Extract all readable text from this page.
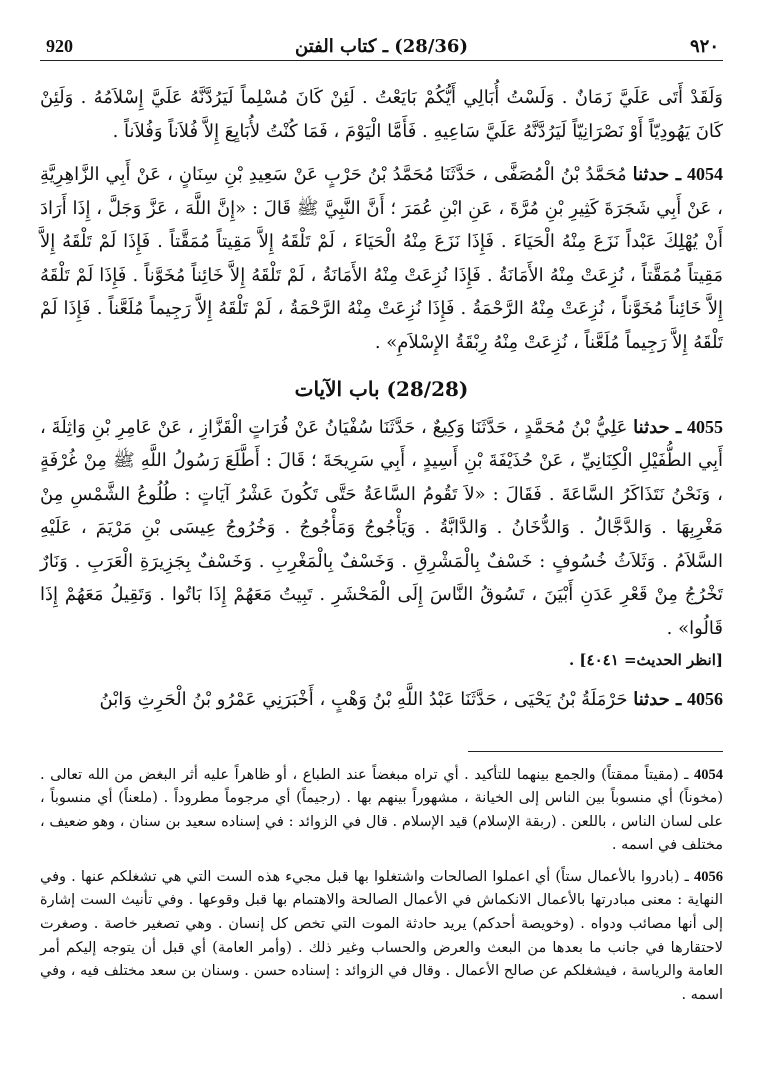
920	(28/36) ـ كتاب الفتن	٩٢٠

وَلَقَدْ أَتَى عَلَيَّ زَمَانٌ . وَلَسْتُ أُبَالِي أَيُّكُمْ بَايَعْتُ . لَئِنْ كَانَ مُسْلِماً لَيَرُدَّنَّهُ عَلَيَّ إِسْلاَمُهُ . وَلَئِنْ كَانَ يَهُودِيّاً أَوْ نَصْرَانِيّاً لَيَرُدَّنَّهُ عَلَيَّ سَاعِيهِ . فَأَمَّا الْيَوْمَ ، فَمَا كُنْتُ لأُبَايِعَ إِلاَّ فُلاَناً وَفُلاَناً .

4054 ـ حدثنا مُحَمَّدُ بْنُ الْمُصَفَّى ، حَدَّثَنَا مُحَمَّدُ بْنُ حَرْبٍ عَنْ سَعِيدِ بْنِ سِنَانٍ ، عَنْ أَبِي الزَّاهِرِيَّةِ ، عَنْ أَبِي شَجَرَةَ كَثِيرِ بْنِ مُرَّةَ ، عَنِ ابْنِ عُمَرَ ؛ أَنَّ النَّبِيَّ ﷺ قَالَ : «إِنَّ اللَّهَ ، عَزَّ وَجَلَّ ، إِذَا أَرَادَ أَنْ يُهْلِكَ عَبْداً نَزَعَ مِنْهُ الْحَيَاءَ . فَإِذَا نَزَعَ مِنْهُ الْحَيَاءَ ، لَمْ تَلْقَهُ إِلاَّ مَقِيتاً مُمَقَّتاً . فَإِذَا لَمْ تَلْقَهُ إِلاَّ مَقِيتاً مُمَقَّتاً ، نُزِعَتْ مِنْهُ الأَمَانَةُ . فَإِذَا نُزِعَتْ مِنْهُ الأَمَانَةُ ، لَمْ تَلْقَهُ إِلاَّ خَائِناً مُخَوَّناً . فَإِذَا لَمْ تَلْقَهُ إِلاَّ خَائِناً مُخَوَّناً ، نُزِعَتْ مِنْهُ الرَّحْمَةُ . فَإِذَا نُزِعَتْ مِنْهُ الرَّحْمَةُ ، لَمْ تَلْقَهُ إِلاَّ رَجِيماً مُلَعَّناً . فَإِذَا لَمْ تَلْقَهُ إِلاَّ رَجِيماً مُلَعَّناً ، نُزِعَتْ مِنْهُ رِبْقَةُ الإِسْلاَمِ» .

(28/28) باب الآيات

4055 ـ حدثنا عَلِيُّ بْنُ مُحَمَّدٍ ، حَدَّثَنَا وَكِيعٌ ، حَدَّثَنَا سُفْيَانُ عَنْ فُرَاتٍ الْقَزَّازِ ، عَنْ عَامِرِ بْنِ وَاثِلَةَ ، أَبِي الطُّفَيْلِ الْكِنَانِيِّ ، عَنْ حُذَيْفَةَ بْنِ أَسِيدٍ ، أَبِي سَرِيحَةَ ؛ قَالَ : أَطَّلَعَ رَسُولُ اللَّهِ ﷺ مِنْ غُرْفَةٍ ، وَنَحْنُ نَتَذَاكَرُ السَّاعَةَ . فَقَالَ : «لاَ تَقُومُ السَّاعَةُ حَتَّى تَكُونَ عَشْرُ آيَاتٍ : طُلُوعُ الشَّمْسِ مِنْ مَغْرِبِهَا . وَالدَّجَّالُ . وَالدُّخَانُ . وَالدَّابَّةُ . وَيَأْجُوجُ وَمَأْجُوجُ . وَخُرُوجُ عِيسَى بْنِ مَرْيَمَ ، عَلَيْهِ السَّلاَمُ . وَثَلاَثُ خُسُوفٍ : خَسْفٌ بِالْمَشْرِقِ . وَخَسْفٌ بِالْمَغْرِبِ . وَخَسْفٌ بِجَزِيرَةِ الْعَرَبِ . وَنَارٌ تَخْرُجُ مِنْ قَعْرِ عَدَنِ أَبْيَنَ ، تَسُوقُ النَّاسَ إِلَى الْمَحْشَرِ . تَبِيتُ مَعَهُمْ إِذَا بَاتُوا . وَتَقِيلُ مَعَهُمْ إِذَا قَالُوا» .

[انظر الحديث= ٤٠٤١] .

4056 ـ حدثنا حَرْمَلَةُ بْنُ يَحْيَى ، حَدَّثَنَا عَبْدُ اللَّهِ بْنُ وَهْبٍ ، أَخْبَرَنِي عَمْرُو بْنُ الْحَرِثِ وَابْنُ

4054 ـ (مقيتاً ممقتاً) والجمع بينهما للتأكيد . أي تراه مبغضاً عند الطباع ، أو ظاهراً عليه أثر البغض من الله تعالى . (مخوناً) أي منسوباً بين الناس إلى الخيانة ، مشهوراً بينهم بها . (رجيماً) أي مرجوماً مطروداً . (ملعناً) أي منسوباً ، على لسان الناس ، باللعن . (ربقة الإسلام) قيد الإسلام . قال في الزوائد : في إسناده سعيد بن سنان ، وهو ضعيف ، مختلف في اسمه .

4056 ـ (بادروا بالأعمال ستاً) أي اعملوا الصالحات واشتغلوا بها قبل مجيء هذه الست التي هي تشغلكم عنها . وفي النهاية : معنى مبادرتها بالأعمال الانكماش في الأعمال الصالحة والاهتمام بها قبل وقوعها . وفي تأنيث الست إشارة إلى أنها مصائب ودواه . (وخويصة أحدكم) يريد حادثة الموت التي تخص كل إنسان . وهي تصغير خاصة . وصغرت لاحتقارها في جانب ما بعدها من البعث والعرض والحساب وغير ذلك . (وأمر العامة) أي قبل أن يتوجه إليكم أمر العامة والرياسة ، فيشغلكم عن صالح الأعمال . وقال في الزوائد : إسناده حسن . وسنان بن سعد مختلف فيه ، وفي اسمه .
